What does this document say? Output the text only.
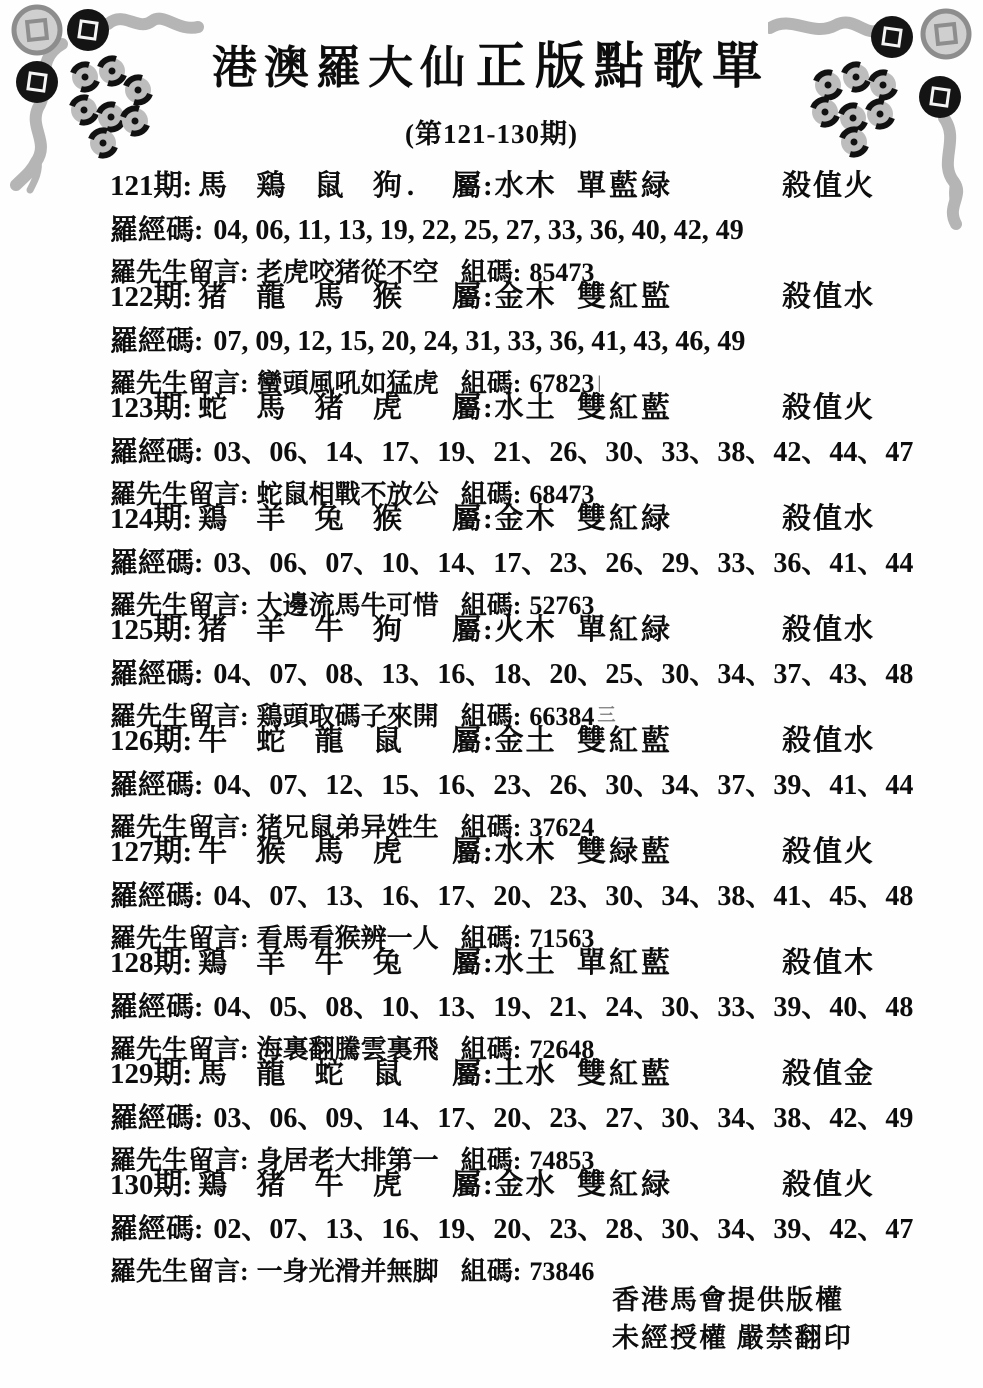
港澳羅大仙正版點歌單
(第121-130期)
121期: 馬 鶏 鼠 狗. 屬:水木 單藍緑	殺值火
羅經碼: 04, 06, 11, 13, 19, 22, 25, 27, 33, 36, 40, 42, 49
羅先生留言: 老虎咬猪從不空 組碼: 85473
122期: 猪 龍 馬 猴 屬:金木 雙紅監	殺值水
羅經碼: 07, 09, 12, 15, 20, 24, 31, 33, 36, 41, 43, 46, 49
羅先生留言: 蠻頭風吼如猛虎 組碼: 67823 |
123期: 蛇 馬 猪 虎 屬:水土 雙紅藍	殺值火
羅經碼: 03、06、14、17、19、21、26、30、33、38、42、44、47
羅先生留言: 蛇鼠相戰不放公 組碼: 68473
124期: 鶏 羊 兔 猴 屬:金木 雙紅緑	殺值水
羅經碼: 03、06、07、10、14、17、23、26、29、33、36、41、44
羅先生留言: 大邊流馬牛可惜 組碼: 52763
125期: 猪 羊 牛 狗 屬:火木 單紅緑	殺值水
羅經碼: 04、07、08、13、16、18、20、25、30、34、37、43、48
羅先生留言: 鶏頭取碼子來開 組碼: 66384 三
126期: 牛 蛇 龍 鼠 屬:金土 雙紅藍	殺值水
羅經碼: 04、07、12、15、16、23、26、30、34、37、39、41、44
羅先生留言: 猪兄鼠弟异姓生 組碼: 37624
127期: 牛 猴 馬 虎 屬:水木 雙緑藍	殺值火
羅經碼: 04、07、13、16、17、20、23、30、34、38、41、45、48
羅先生留言: 看馬看猴辨一人 組碼: 71563
128期: 鶏 羊 牛 兔 屬:水土 單紅藍	殺值木
羅經碼: 04、05、08、10、13、19、21、24、30、33、39、40、48
羅先生留言: 海裏翻騰雲裏飛 組碼: 72648
129期: 馬 龍 蛇 鼠 屬:土水 雙紅藍	殺值金
羅經碼: 03、06、09、14、17、20、23、27、30、34、38、42、49
羅先生留言: 身居老大排第一 組碼: 74853
130期: 鶏 猪 牛 虎 屬:金水 雙紅緑	殺值火
羅經碼: 02、07、13、16、19、20、23、28、30、34、39、42、47
羅先生留言: 一身光滑并無脚 組碼: 73846
香港馬會提供版權
未經授權 嚴禁翻印
